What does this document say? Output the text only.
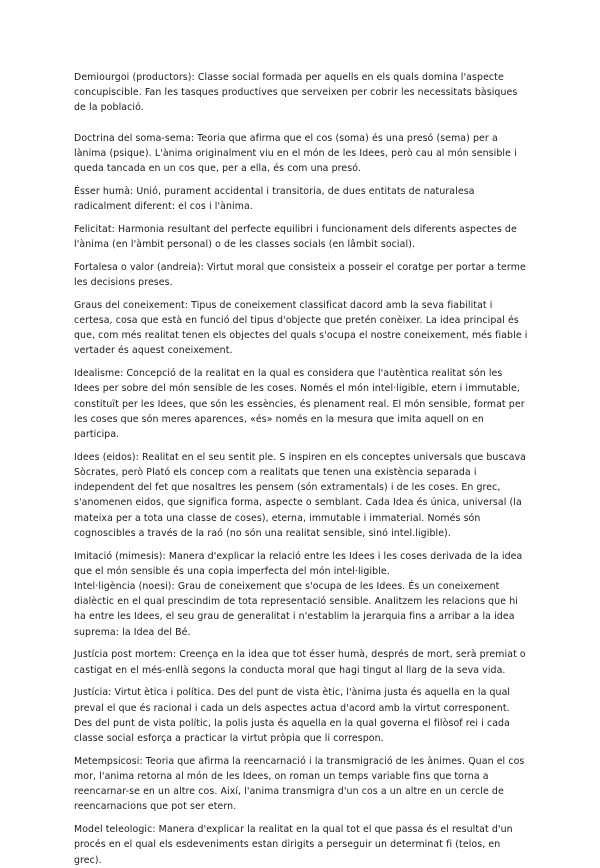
Demiourgoi (productors): Classe social formada per aquells en els quals domina l'aspecte concupiscible. Fan les tasques productives que serveixen per cobrir les necessitats bàsiques de la població.

Doctrina del soma-sema: Teoria que afirma que el cos (soma) és una presó (sema) per a lànima (psique). L'ànima originalment viu en el món de les Idees, però cau al món sensible i queda tancada en un cos que, per a ella, és com una presó.

Ésser humà: Unió, purament accidental i transitoria, de dues entitats de naturalesa radicalment diferent: el cos i l'ànima.

Felicitat: Harmonia resultant del perfecte equilibri i funcionament dels diferents aspectes de l'ànima (en l'àmbit personal) o de les classes socials (en lâmbit social).

Fortalesa o valor (andreia): Virtut moral que consisteix a posseir el coratge per portar a terme les decisions preses.

Graus del coneixement: Tipus de coneixement classificat dacord amb la seva fiabilitat i certesa, cosa que està en funció del tipus d'objecte que pretén conèixer. La idea principal és que, com més realitat tenen els objectes del quals s'ocupa el nostre coneixement, més fiable i vertader és aquest coneixement.

Idealisme: Concepció de la realitat en la qual es considera que l'autèntica realitat són les Idees per sobre del món sensible de les coses. Només el món intel·ligible, etern i immutable, constituït per les Idees, que són les essències, és plenament real. El món sensible, format per les coses que són meres aparences, «és» només en la mesura que imita aquell on en participa.

Idees (eidos): Realitat en el seu sentit ple. S inspiren en els conceptes universals que buscava Sòcrates, però Plató els concep com a realitats que tenen una existència separada i independent del fet que nosaltres les pensem (són extramentals) i de les coses. En grec, s'anomenen eidos, que significa forma, aspecte o semblant. Cada Idea és única, universal (la mateixa per a tota una classe de coses), eterna, immutable i immaterial. Només són cognoscibles a través de la raó (no són una realitat sensible, sinó intel.ligible).

Imitació (mimesis): Manera d'explicar la relació entre les Idees i les coses derivada de la idea que el món sensible és una copia imperfecta del món intel·ligible.

Intel·ligència (noesi): Grau de coneixement que s'ocupa de les Idees. És un coneixement dialèctic en el qual prescindim de tota representació sensible. Analitzem les relacions que hi ha entre les Idees, el seu grau de generalitat i n'establim la jerarquia fins a arribar a la idea suprema: la Idea del Bé.

Justícia post mortem: Creença en la idea que tot ésser humà, després de mort, serà premiat o castigat en el més-enllà segons la conducta moral que hagi tingut al llarg de la seva vida.

Justícia: Virtut ètica i política. Des del punt de vista ètic, l'ànima justa és aquella en la qual preval el que és racional i cada un dels aspectes actua d'acord amb la virtut corresponent. Des del punt de vista polític, la polis justa és aquella en la qual governa el filòsof rei i cada classe social esforça a practicar la virtut pròpia que li correspon.

Metempsicosi: Teoria que afirma la reencarnació i la transmigració de les ànimes. Quan el cos mor, l'anima retorna al món de les Idees, on roman un temps variable fins que torna a reencarnar-se en un altre cos. Així, l'anima transmigra d'un cos a un altre en un cercle de reencarnacions que pot ser etern.

Model teleologic: Manera d'explicar la realitat en la qual tot el que passa és el resultat d'un procés en el qual els esdeveniments estan dirigits a perseguir un determinat fi (telos, en grec).
